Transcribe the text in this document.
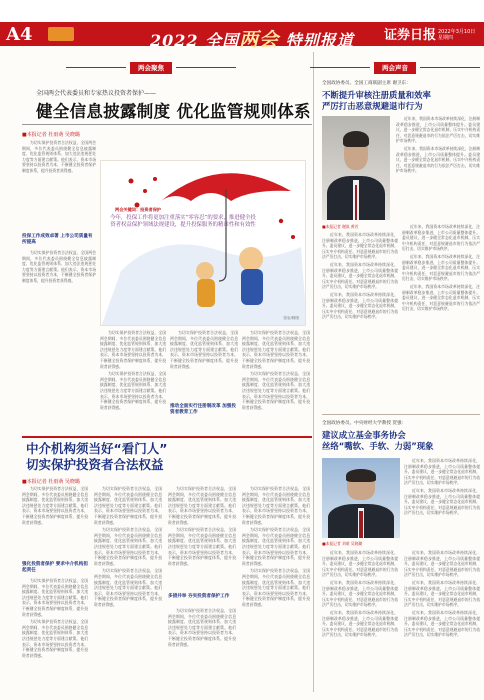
A4	2022 全国两会 特别报道 证券日报 2022年3月10日 星期四
两会聚焦
全国两会代表委员和专家热议投资者保护——
健全信息披露制度 优化监管规则体系
■本报记者 杜雨萌 吴晓璐

为切实保护投资者合法权益，全国两会期间，多位代表委员围绕健全信息披露制度、优化监管规则体系、加大违法违规惩处力度等方面建言献策。他们表示，资本市场要坚持以投资者为本，不断健全投资者保护制度体系，提升投资者获得感。

投保工作成效卓著 上市公司质量有所提高

为切实保护投资者合法权益，全国两会期间，多位代表委员围绕健全信息披露制度、优化监管规则体系、加大违法违规惩处力度等方面建言献策。他们表示，资本市场要坚持以投资者为本，不断健全投资者保护制度体系，提升投资者获得感。

两会关键词：投资者保护
今年，投保工作将更加注重落实“零容忍”的要求，推进健全投资者权益保护领域法规建设，提升投保服务的精准性和有效性
张岩/制图

为切实保护投资者合法权益，全国两会期间，多位代表委员围绕健全信息披露制度、优化监管规则体系、加大违法违规惩处力度等方面建言献策。他们表示，资本市场要坚持以投资者为本，不断健全投资者保护制度体系，提升投资者获得感。

为切实保护投资者合法权益，全国两会期间，多位代表委员围绕健全信息披露制度、优化监管规则体系、加大违法违规惩处力度等方面建言献策。他们表示，资本市场要坚持以投资者为本，不断健全投资者保护制度体系，提升投资者获得感。	推动全面实行注册制改革 加强投资者教育工作

为切实保护投资者合法权益，全国两会期间，多位代表委员围绕健全信息披露制度、优化监管规则体系、加大违法违规惩处力度等方面建言献策。他们表示，资本市场要坚持以投资者为本，不断健全投资者保护制度体系，提升投资者获得感。

为切实保护投资者合法权益，全国两会期间，多位代表委员围绕健全信息披露制度、优化监管规则体系、加大违法违规惩处力度等方面建言献策。他们表示，资本市场要坚持以投资者为本，不断健全投资者保护制度体系，提升投资者获得感。

为切实保护投资者合法权益，全国两会期间，多位代表委员围绕健全信息披露制度、优化监管规则体系、加大违法违规惩处力度等方面建言献策。他们表示，资本市场要坚持以投资者为本，不断健全投资者保护制度体系，提升投资者获得感。

中介机构须当好“看门人”
切实保护投资者合法权益
■本报记者 杜雨萌 吴晓璐

为切实保护投资者合法权益，全国两会期间，多位代表委员围绕健全信息披露制度、优化监管规则体系、加大违法违规惩处力度等方面建言献策。他们表示，资本市场要坚持以投资者为本，不断健全投资者保护制度体系，提升投资者获得感。

强化投资者保护 要求中介机构担起责任

为切实保护投资者合法权益，全国两会期间，多位代表委员围绕健全信息披露制度、优化监管规则体系、加大违法违规惩处力度等方面建言献策。他们表示，资本市场要坚持以投资者为本，不断健全投资者保护制度体系，提升投资者获得感。

为切实保护投资者合法权益，全国两会期间，多位代表委员围绕健全信息披露制度、优化监管规则体系、加大违法违规惩处力度等方面建言献策。他们表示，资本市场要坚持以投资者为本，不断健全投资者保护制度体系，提升投资者获得感。

为切实保护投资者合法权益，全国两会期间，多位代表委员围绕健全信息披露制度、优化监管规则体系、加大违法违规惩处力度等方面建言献策。他们表示，资本市场要坚持以投资者为本，不断健全投资者保护制度体系，提升投资者获得感。

为切实保护投资者合法权益，全国两会期间，多位代表委员围绕健全信息披露制度、优化监管规则体系、加大违法违规惩处力度等方面建言献策。他们表示，资本市场要坚持以投资者为本，不断健全投资者保护制度体系，提升投资者获得感。

为切实保护投资者合法权益，全国两会期间，多位代表委员围绕健全信息披露制度、优化监管规则体系、加大违法违规惩处力度等方面建言献策。他们表示，资本市场要坚持以投资者为本，不断健全投资者保护制度体系，提升投资者获得感。

为切实保护投资者合法权益，全国两会期间，多位代表委员围绕健全信息披露制度、优化监管规则体系、加大违法违规惩处力度等方面建言献策。他们表示，资本市场要坚持以投资者为本，不断健全投资者保护制度体系，提升投资者获得感。

为切实保护投资者合法权益，全国两会期间，多位代表委员围绕健全信息披露制度、优化监管规则体系、加大违法违规惩处力度等方面建言献策。他们表示，资本市场要坚持以投资者为本，不断健全投资者保护制度体系，提升投资者获得感。

多措并举 夯实投资者保护工作

为切实保护投资者合法权益，全国两会期间，多位代表委员围绕健全信息披露制度、优化监管规则体系、加大违法违规惩处力度等方面建言献策。他们表示，资本市场要坚持以投资者为本，不断健全投资者保护制度体系，提升投资者获得感。

为切实保护投资者合法权益，全国两会期间，多位代表委员围绕健全信息披露制度、优化监管规则体系、加大违法违规惩处力度等方面建言献策。他们表示，资本市场要坚持以投资者为本，不断健全投资者保护制度体系，提升投资者获得感。

为切实保护投资者合法权益，全国两会期间，多位代表委员围绕健全信息披露制度、优化监管规则体系、加大违法违规惩处力度等方面建言献策。他们表示，资本市场要坚持以投资者为本，不断健全投资者保护制度体系，提升投资者获得感。

为切实保护投资者合法权益，全国两会期间，多位代表委员围绕健全信息披露制度、优化监管规则体系、加大违法违规惩处力度等方面建言献策。他们表示，资本市场要坚持以投资者为本，不断健全投资者保护制度体系，提升投资者获得感。

两会声音
全国政协委员、全国工商联副主席 谢卫东：
不断提升审核注册质量和效率
严厉打击恶意规避退市行为
■本报记者 谢岚 黄若

近年来，我国资本市场改革持续深化，注册制改革稳步推进，上市公司质量整体提升。委员建议，进一步健全常态化退市机制，压实中介机构责任，对恶意规避退市的行为依法严厉打击，切实维护市场秩序。

近年来，我国资本市场改革持续深化，注册制改革稳步推进，上市公司质量整体提升。委员建议，进一步健全常态化退市机制，压实中介机构责任，对恶意规避退市的行为依法严厉打击，切实维护市场秩序。

近年来，我国资本市场改革持续深化，注册制改革稳步推进，上市公司质量整体提升。委员建议，进一步健全常态化退市机制，压实中介机构责任，对恶意规避退市的行为依法严厉打击，切实维护市场秩序。

近年来，我国资本市场改革持续深化，注册制改革稳步推进，上市公司质量整体提升。委员建议，进一步健全常态化退市机制，压实中介机构责任，对恶意规避退市的行为依法严厉打击，切实维护市场秩序。

近年来，我国资本市场改革持续深化，注册制改革稳步推进，上市公司质量整体提升。委员建议，进一步健全常态化退市机制，压实中介机构责任，对恶意规避退市的行为依法严厉打击，切实维护市场秩序。

近年来，我国资本市场改革持续深化，注册制改革稳步推进，上市公司质量整体提升。委员建议，进一步健全常态化退市机制，压实中介机构责任，对恶意规避退市的行为依法严厉打击，切实维护市场秩序。

近年来，我国资本市场改革持续深化，注册制改革稳步推进，上市公司质量整体提升。委员建议，进一步健全常态化退市机制，压实中介机构责任，对恶意规避退市的行为依法严厉打击，切实维护市场秩序。

近年来，我国资本市场改革持续深化，注册制改革稳步推进，上市公司质量整体提升。委员建议，进一步健全常态化退市机制，压实中介机构责任，对恶意规避退市的行为依法严厉打击，切实维护市场秩序。

全国政协委员、中央财经大学教授 贺强：
建议成立基金事务协会
丝络“嘴软、手软、力弱”现象
■本报记者 刘萌 吴晓璐

近年来，我国资本市场改革持续深化，注册制改革稳步推进，上市公司质量整体提升。委员建议，进一步健全常态化退市机制，压实中介机构责任，对恶意规避退市的行为依法严厉打击，切实维护市场秩序。

近年来，我国资本市场改革持续深化，注册制改革稳步推进，上市公司质量整体提升。委员建议，进一步健全常态化退市机制，压实中介机构责任，对恶意规避退市的行为依法严厉打击，切实维护市场秩序。

近年来，我国资本市场改革持续深化，注册制改革稳步推进，上市公司质量整体提升。委员建议，进一步健全常态化退市机制，压实中介机构责任，对恶意规避退市的行为依法严厉打击，切实维护市场秩序。

近年来，我国资本市场改革持续深化，注册制改革稳步推进，上市公司质量整体提升。委员建议，进一步健全常态化退市机制，压实中介机构责任，对恶意规避退市的行为依法严厉打击，切实维护市场秩序。

近年来，我国资本市场改革持续深化，注册制改革稳步推进，上市公司质量整体提升。委员建议，进一步健全常态化退市机制，压实中介机构责任，对恶意规避退市的行为依法严厉打击，切实维护市场秩序。

近年来，我国资本市场改革持续深化，注册制改革稳步推进，上市公司质量整体提升。委员建议，进一步健全常态化退市机制，压实中介机构责任，对恶意规避退市的行为依法严厉打击，切实维护市场秩序。

近年来，我国资本市场改革持续深化，注册制改革稳步推进，上市公司质量整体提升。委员建议，进一步健全常态化退市机制，压实中介机构责任，对恶意规避退市的行为依法严厉打击，切实维护市场秩序。

近年来，我国资本市场改革持续深化，注册制改革稳步推进，上市公司质量整体提升。委员建议，进一步健全常态化退市机制，压实中介机构责任，对恶意规避退市的行为依法严厉打击，切实维护市场秩序。
